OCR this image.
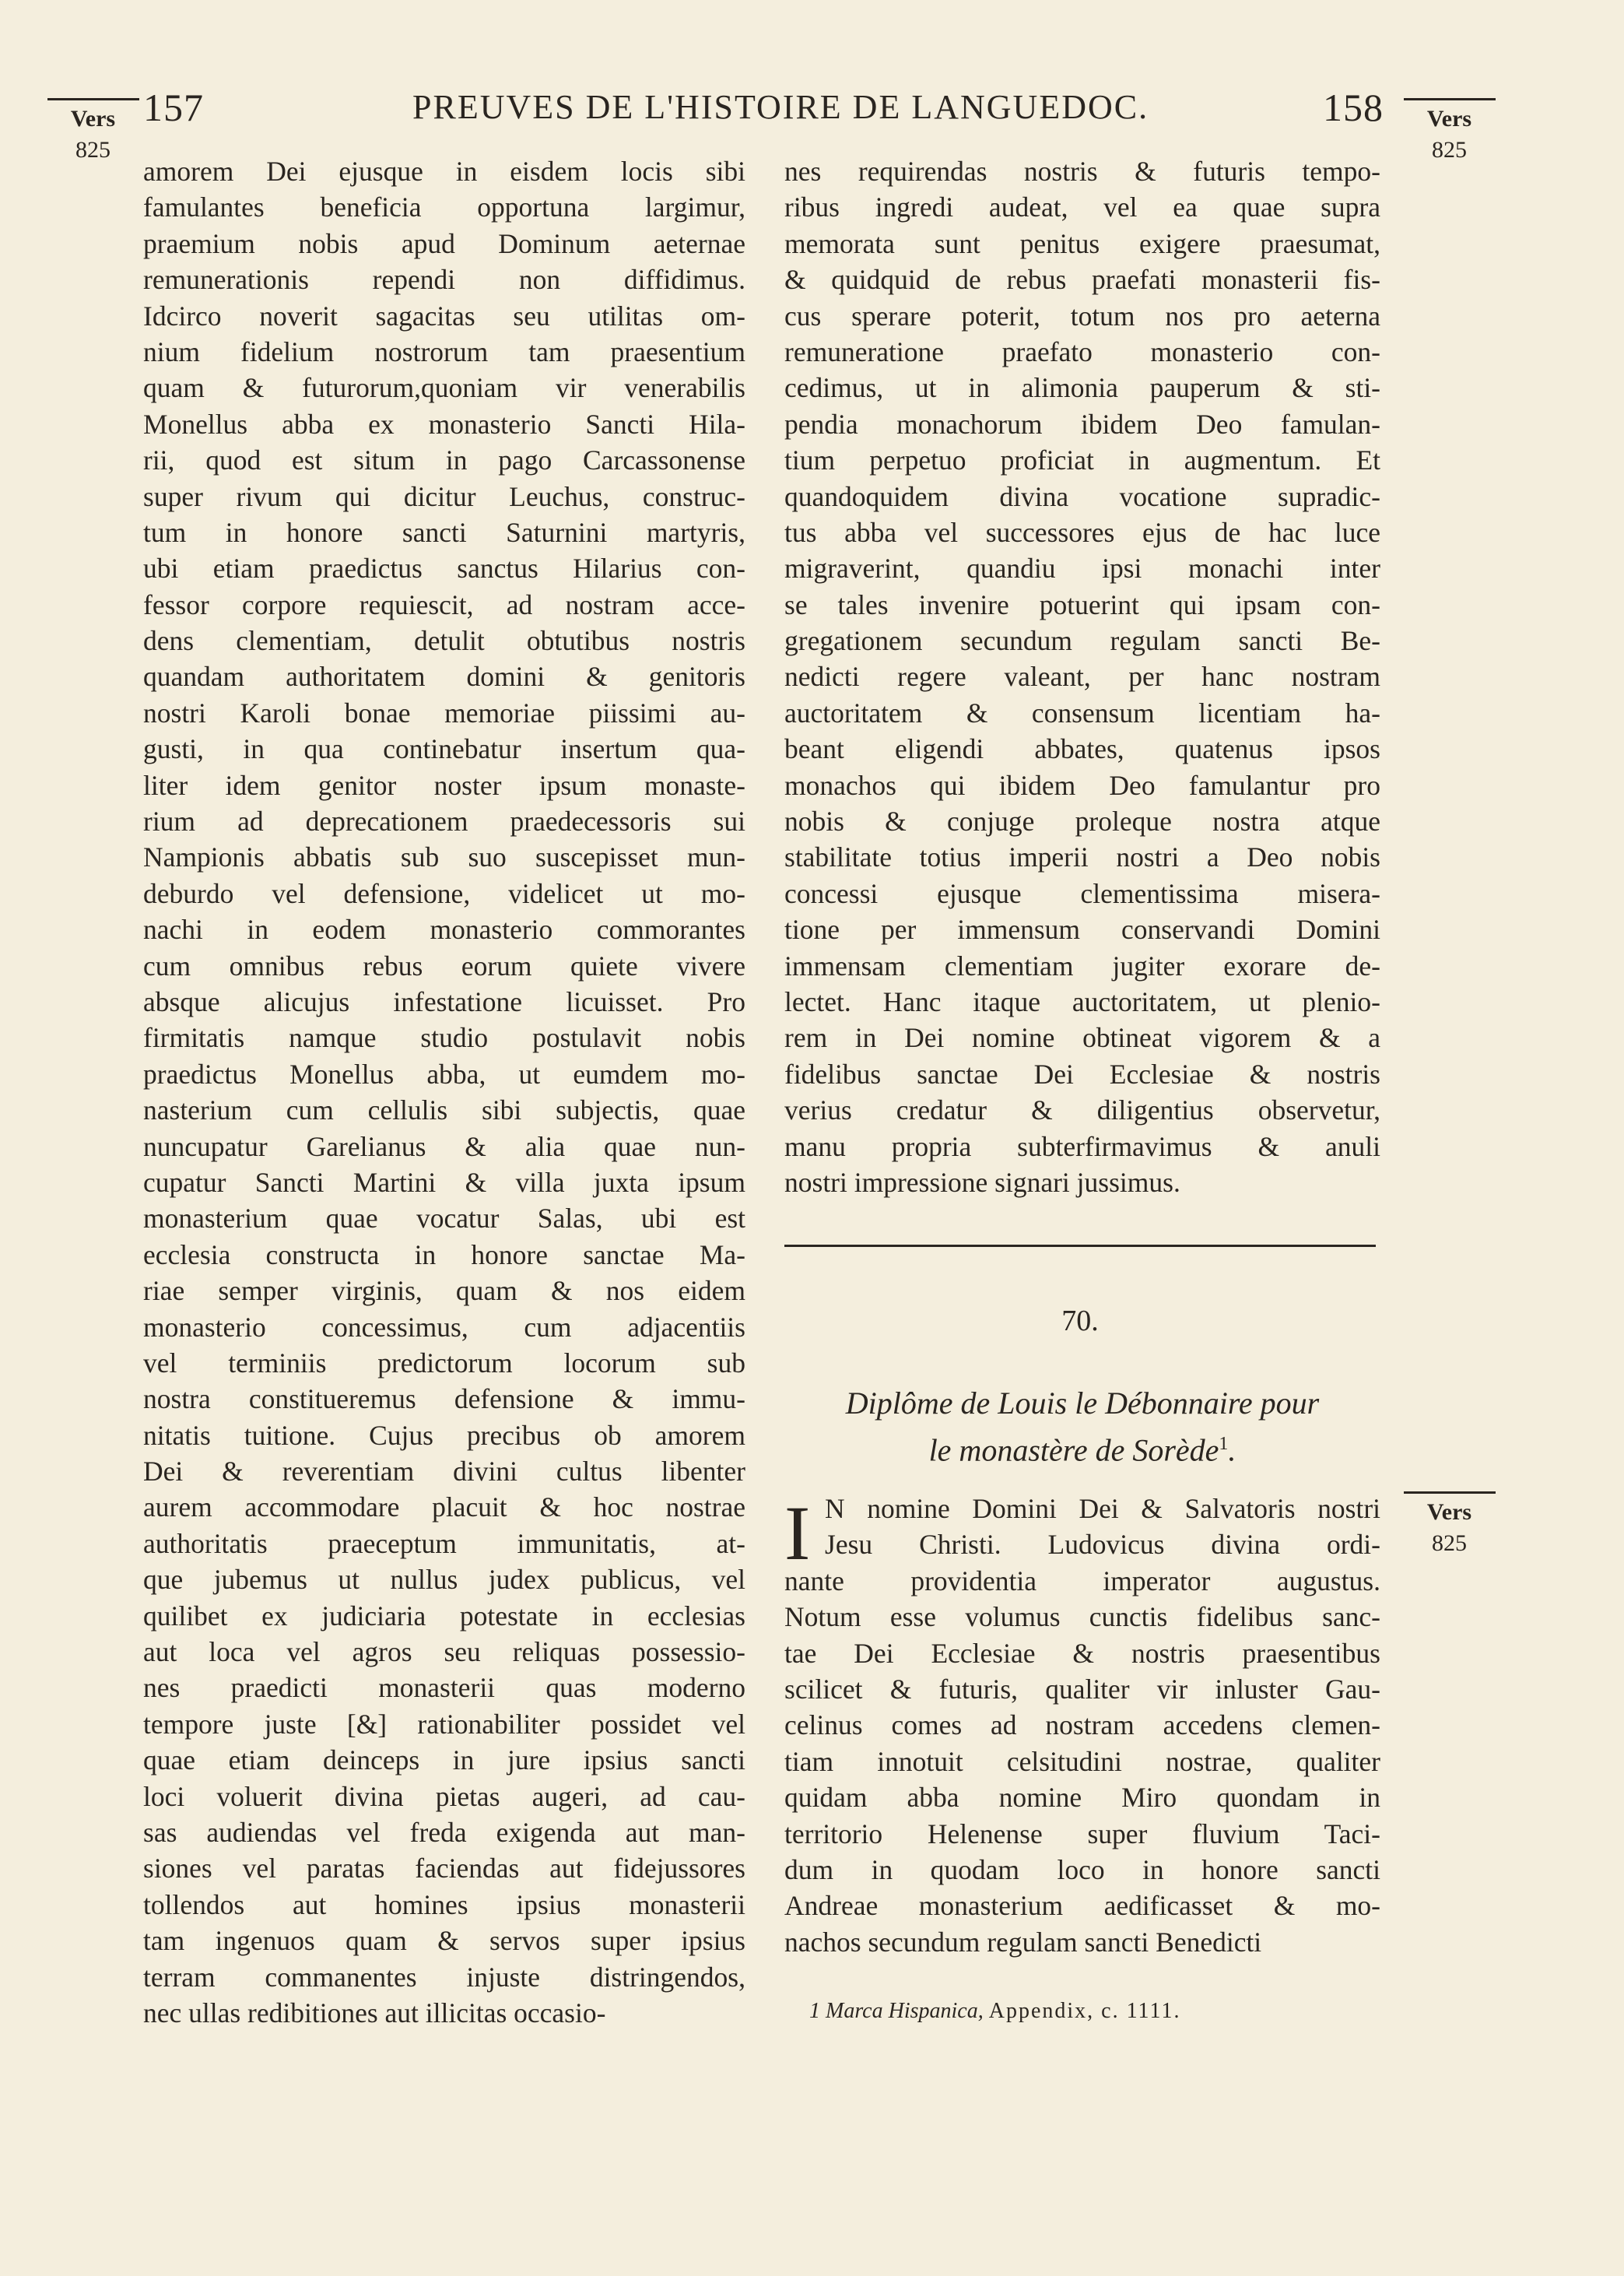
157	PREUVES DE L'HISTOIRE DE LANGUEDOC.	158
Vers
825
Vers
825
Vers
825
amorem Dei ejusque in eisdem locis sibi
famulantes beneficia opportuna largimur,
praemium nobis apud Dominum aeternae
remunerationis rependi non diffidimus.
Idcirco noverit sagacitas seu utilitas om-
nium fidelium nostrorum tam praesentium
quam & futurorum,quoniam vir venerabilis
Monellus abba ex monasterio Sancti Hila-
rii, quod est situm in pago Carcassonense
super rivum qui dicitur Leuchus, construc-
tum in honore sancti Saturnini martyris,
ubi etiam praedictus sanctus Hilarius con-
fessor corpore requiescit, ad nostram acce-
dens clementiam, detulit obtutibus nostris
quandam authoritatem domini & genitoris
nostri Karoli bonae memoriae piissimi au-
gusti, in qua continebatur insertum qua-
liter idem genitor noster ipsum monaste-
rium ad deprecationem praedecessoris sui
Nampionis abbatis sub suo suscepisset mun-
deburdo vel defensione, videlicet ut mo-
nachi in eodem monasterio commorantes
cum omnibus rebus eorum quiete vivere
absque alicujus infestatione licuisset. Pro
firmitatis namque studio postulavit nobis
praedictus Monellus abba, ut eumdem mo-
nasterium cum cellulis sibi subjectis, quae
nuncupatur Garelianus & alia quae nun-
cupatur Sancti Martini & villa juxta ipsum
monasterium quae vocatur Salas, ubi est
ecclesia constructa in honore sanctae Ma-
riae semper virginis, quam & nos eidem
monasterio concessimus, cum adjacentiis
vel terminiis predictorum locorum sub
nostra constitueremus defensione & immu-
nitatis tuitione. Cujus precibus ob amorem
Dei & reverentiam divini cultus libenter
aurem accommodare placuit & hoc nostrae
authoritatis praeceptum immunitatis, at-
que jubemus ut nullus judex publicus, vel
quilibet ex judiciaria potestate in ecclesias
aut loca vel agros seu reliquas possessio-
nes praedicti monasterii quas moderno
tempore juste [&] rationabiliter possidet vel
quae etiam deinceps in jure ipsius sancti
loci voluerit divina pietas augeri, ad cau-
sas audiendas vel freda exigenda aut man-
siones vel paratas faciendas aut fidejussores
tollendos aut homines ipsius monasterii
tam ingenuos quam & servos super ipsius
terram commanentes injuste distringendos,
nec ullas redibitiones aut illicitas occasio-
nes requirendas nostris & futuris tempo-
ribus ingredi audeat, vel ea quae supra
memorata sunt penitus exigere praesumat,
& quidquid de rebus praefati monasterii fis-
cus sperare poterit, totum nos pro aeterna
remuneratione praefato monasterio con-
cedimus, ut in alimonia pauperum & sti-
pendia monachorum ibidem Deo famulan-
tium perpetuo proficiat in augmentum. Et
quandoquidem divina vocatione supradic-
tus abba vel successores ejus de hac luce
migraverint, quandiu ipsi monachi inter
se tales invenire potuerint qui ipsam con-
gregationem secundum regulam sancti Be-
nedicti regere valeant, per hanc nostram
auctoritatem & consensum licentiam ha-
beant eligendi abbates, quatenus ipsos
monachos qui ibidem Deo famulantur pro
nobis & conjuge proleque nostra atque
stabilitate totius imperii nostri a Deo nobis
concessi ejusque clementissima misera-
tione per immensum conservandi Domini
immensam clementiam jugiter exorare de-
lectet. Hanc itaque auctoritatem, ut plenio-
rem in Dei nomine obtineat vigorem & a
fidelibus sanctae Dei Ecclesiae & nostris
verius credatur & diligentius observetur,
manu propria subterfirmavimus & anuli
nostri impressione signari jussimus.
70.
Diplôme de Louis le Débonnaire pour
le monastère de Sorède$^1$.
I N nomine Domini Dei & Salvatoris nostri
Jesu Christi. Ludovicus divina ordi-
nante providentia imperator augustus.
Notum esse volumus cunctis fidelibus sanc-
tae Dei Ecclesiae & nostris praesentibus
scilicet & futuris, qualiter vir inluster Gau-
celinus comes ad nostram accedens clemen-
tiam innotuit celsitudini nostrae, qualiter
quidam abba nomine Miro quondam in
territorio Helenense super fluvium Taci-
dum in quodam loco in honore sancti
Andreae monasterium aedificasset & mo-
nachos secundum regulam sancti Benedicti
1 Marca Hispanica, Appendix, c. 1111.
